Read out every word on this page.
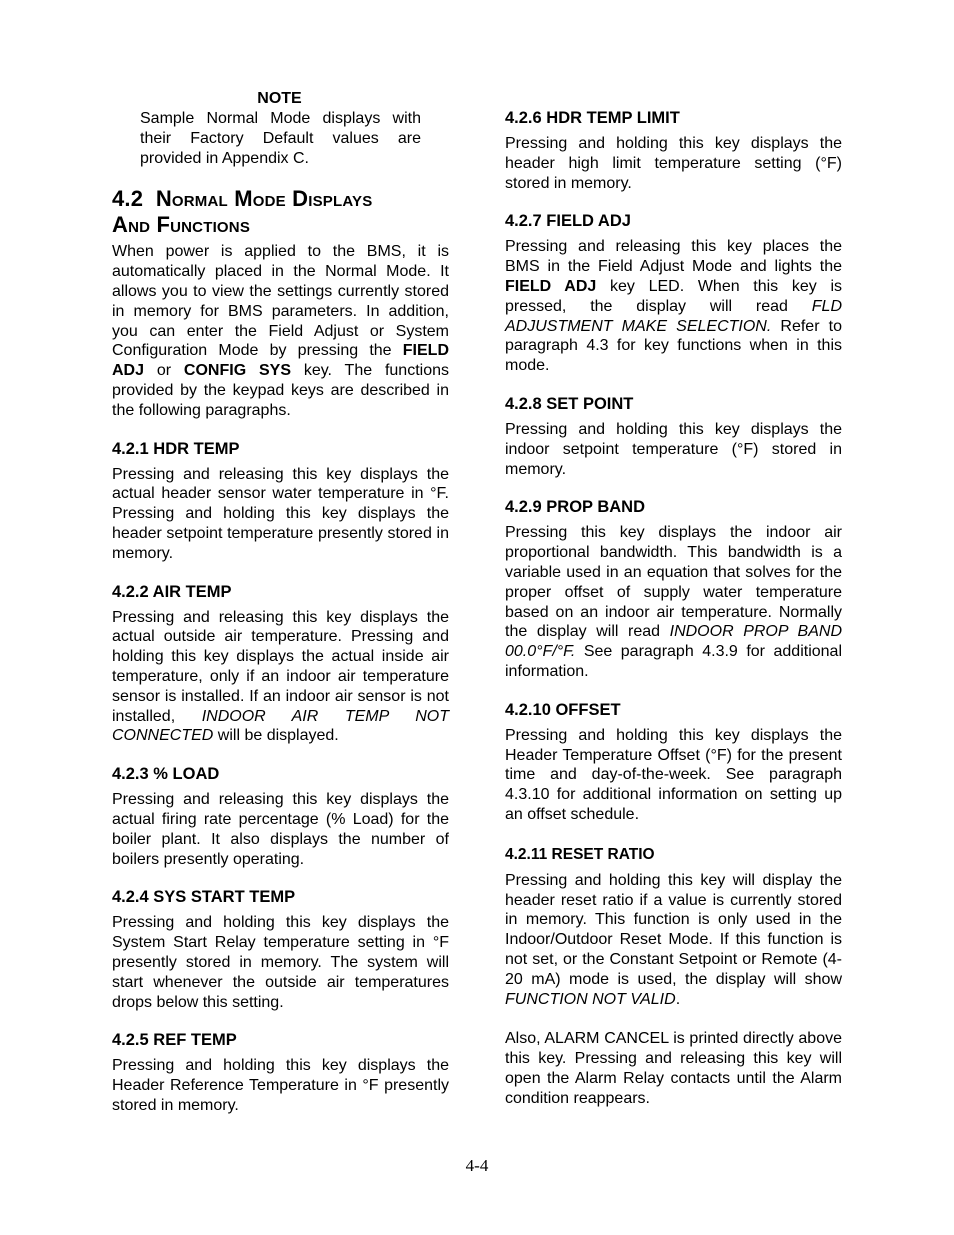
NOTE
Sample Normal Mode displays with their Factory Default values are provided in Appendix C.
4.2 Normal Mode Displays
And Functions

When power is applied to the BMS, it is automatically placed in the Normal Mode. It allows you to view the settings currently stored in memory for BMS parameters. In addition, you can enter the Field Adjust or System Configuration Mode by pressing the FIELD ADJ or CONFIG SYS key. The functions provided by the keypad keys are described in the following paragraphs.

4.2.1 HDR TEMP

Pressing and releasing this key displays the actual header sensor water temperature in °F. Pressing and holding this key displays the header setpoint temperature presently stored in memory.

4.2.2 AIR TEMP

Pressing and releasing this key displays the actual outside air temperature. Pressing and holding this key displays the actual inside air temperature, only if an indoor air temperature sensor is installed. If an indoor air sensor is not installed, INDOOR AIR TEMP NOT CONNECTED will be displayed.

4.2.3 % LOAD

Pressing and releasing this key displays the actual firing rate percentage (% Load) for the boiler plant. It also displays the number of boilers presently operating.

4.2.4 SYS START TEMP

Pressing and holding this key displays the System Start Relay temperature setting in °F presently stored in memory. The system will start whenever the outside air temperatures drops below this setting.

4.2.5 REF TEMP

Pressing and holding this key displays the Header Reference Temperature in °F presently stored in memory.

4.2.6 HDR TEMP LIMIT

Pressing and holding this key displays the header high limit temperature setting (°F) stored in memory.

4.2.7 FIELD ADJ

Pressing and releasing this key places the BMS in the Field Adjust Mode and lights the FIELD ADJ key LED. When this key is pressed, the display will read FLD ADJUSTMENT MAKE SELECTION. Refer to paragraph 4.3 for key functions when in this mode.

4.2.8 SET POINT

Pressing and holding this key displays the indoor setpoint temperature (°F) stored in memory.

4.2.9 PROP BAND

Pressing this key displays the indoor air proportional bandwidth. This bandwidth is a variable used in an equation that solves for the proper offset of supply water temperature based on an indoor air temperature. Normally the display will read INDOOR PROP BAND 00.0°F/°F. See paragraph 4.3.9 for additional information.

4.2.10 OFFSET

Pressing and holding this key displays the Header Temperature Offset (°F) for the present time and day-of-the-week. See paragraph 4.3.10 for additional information on setting up an offset schedule.

4.2.11 RESET RATIO

Pressing and holding this key will display the header reset ratio if a value is currently stored in memory. This function is only used in the Indoor/Outdoor Reset Mode. If this function is not set, or the Constant Setpoint or Remote (4-20 mA) mode is used, the display will show FUNCTION NOT VALID.

Also, ALARM CANCEL is printed directly above this key. Pressing and releasing this key will open the Alarm Relay contacts until the Alarm condition reappears.

4-4
